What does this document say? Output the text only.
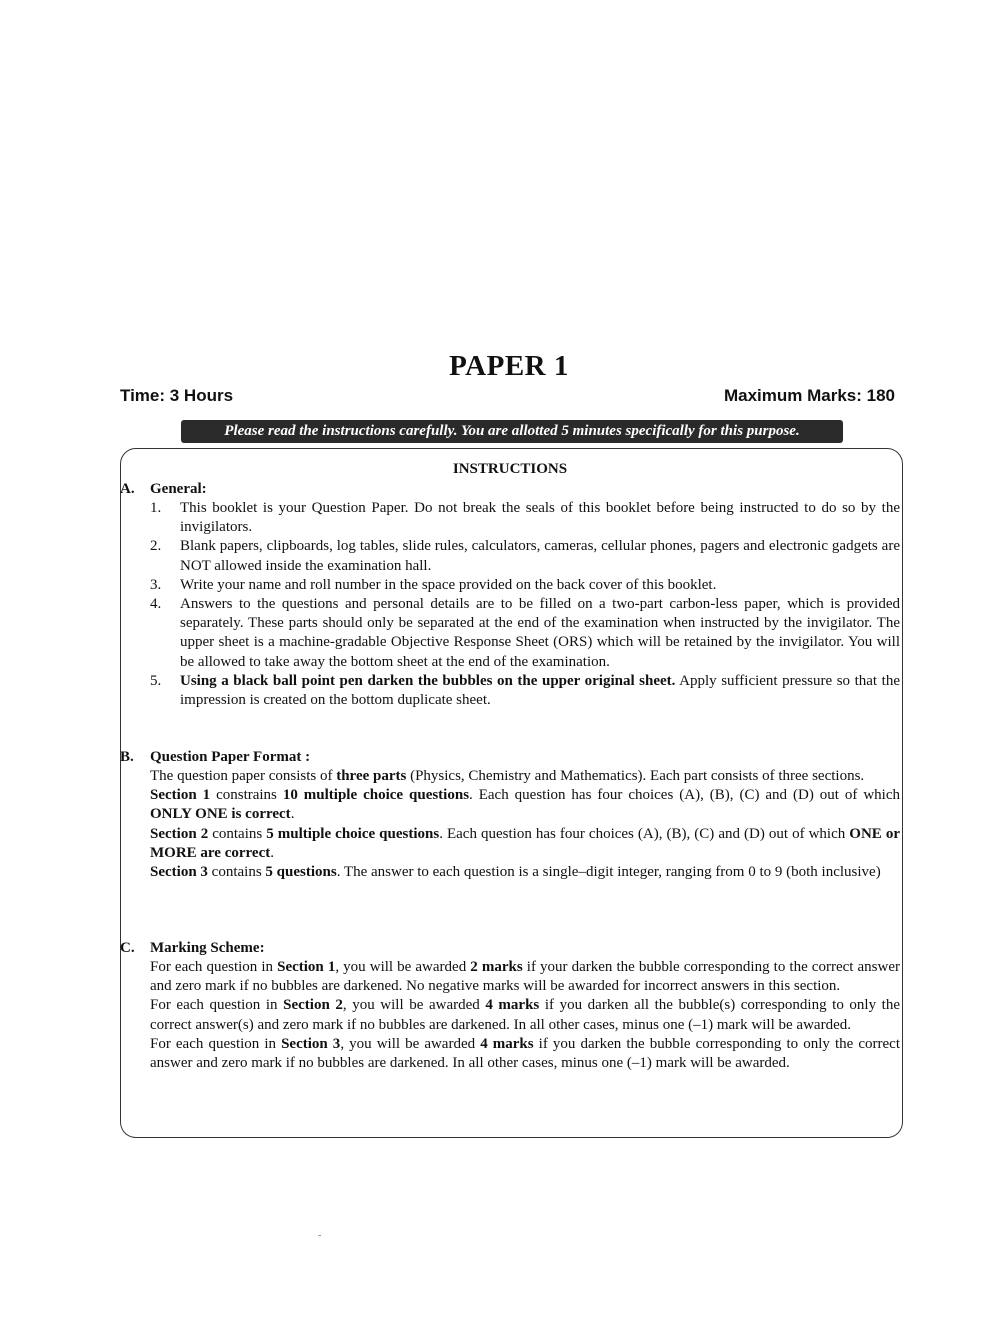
PAPER 1
Time: 3 Hours	Maximum Marks: 180
Please read the instructions carefully. You are allotted 5 minutes specifically for this purpose.
INSTRUCTIONS
A. General:
1. This booklet is your Question Paper. Do not break the seals of this booklet before being instructed to do so by the invigilators.
2. Blank papers, clipboards, log tables, slide rules, calculators, cameras, cellular phones, pagers and electronic gadgets are NOT allowed inside the examination hall.
3. Write your name and roll number in the space provided on the back cover of this booklet.
4. Answers to the questions and personal details are to be filled on a two-part carbon-less paper, which is provided separately. These parts should only be separated at the end of the examination when instructed by the invigilator. The upper sheet is a machine-gradable Objective Response Sheet (ORS) which will be retained by the invigilator. You will be allowed to take away the bottom sheet at the end of the examination.
5. Using a black ball point pen darken the bubbles on the upper original sheet. Apply sufficient pressure so that the impression is created on the bottom duplicate sheet.
B. Question Paper Format :

The question paper consists of three parts (Physics, Chemistry and Mathematics). Each part consists of three sections.

Section 1 constrains 10 multiple choice questions. Each question has four choices (A), (B), (C) and (D) out of which ONLY ONE is correct.

Section 2 contains 5 multiple choice questions. Each question has four choices (A), (B), (C) and (D) out of which ONE or MORE are correct.

Section 3 contains 5 questions. The answer to each question is a single–digit integer, ranging from 0 to 9 (both inclusive)

C. Marking Scheme:

For each question in Section 1, you will be awarded 2 marks if your darken the bubble corresponding to the correct answer and zero mark if no bubbles are darkened. No negative marks will be awarded for incorrect answers in this section.

For each question in Section 2, you will be awarded 4 marks if you darken all the bubble(s) corresponding to only the correct answer(s) and zero mark if no bubbles are darkened. In all other cases, minus one (–1) mark will be awarded.

For each question in Section 3, you will be awarded 4 marks if you darken the bubble corresponding to only the correct answer and zero mark if no bubbles are darkened. In all other cases, minus one (–1) mark will be awarded.

-
